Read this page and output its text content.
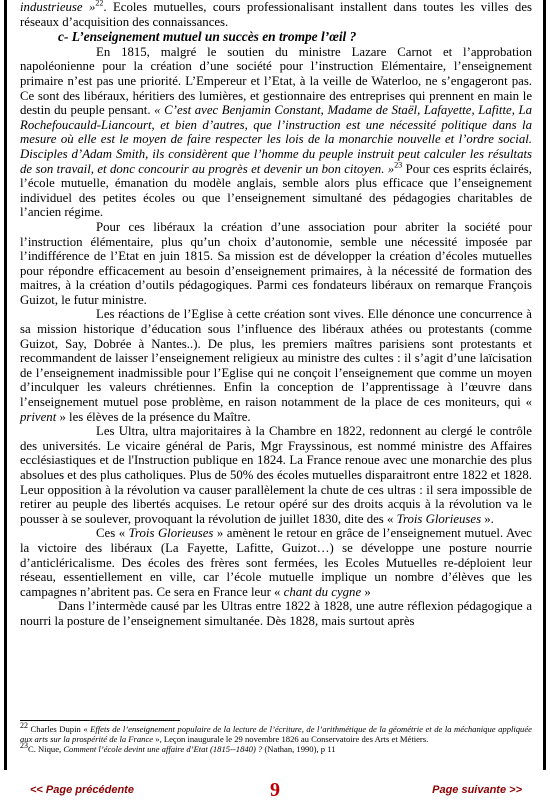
industrieuse »$^{22}$. Ecoles mutuelles, cours professionalisant installent dans toutes les villes des réseaux d’acquisition des connaissances.

c- L’enseignement mutuel un succès en trompe l’œil ?

En 1815, malgré le soutien du ministre Lazare Carnot et l’approbation napoléonienne pour la création d’une société pour l’instruction Elémentaire, l’enseignement primaire n’est pas une priorité. L’Empereur et l’Etat, à la veille de Waterloo, ne s’engageront pas. Ce sont des libéraux, héritiers des lumières, et gestionnaire des entreprises qui prennent en main le destin du peuple pensant. « C’est avec Benjamin Constant, Madame de Staël, Lafayette, Lafitte, La Rochefoucauld-Liancourt, et bien d’autres, que l’instruction est une nécessité politique dans la mesure où elle est le moyen de faire respecter les lois de la monarchie nouvelle et l’ordre social. Disciples d’Adam Smith, ils considèrent que l’homme du peuple instruit peut calculer les résultats de son travail, et donc concourir au progrès et devenir un bon citoyen. »$^{23}$ Pour ces esprits éclairés, l’école mutuelle, émanation du modèle anglais, semble alors plus efficace que l’enseignement individuel des petites écoles ou que l’enseignement simultané des pédagogies charitables de l’ancien régime.

Pour ces libéraux la création d’une association pour abriter la société pour l’instruction élémentaire, plus qu’un choix d’autonomie, semble une nécessité imposée par l’indifférence de l’Etat en juin 1815. Sa mission est de développer la création d’écoles mutuelles pour répondre efficacement au besoin d’enseignement primaires, à la nécessité de formation des maitres, à la création d’outils pédagogiques. Parmi ces fondateurs libéraux on remarque François Guizot, le futur ministre.

Les réactions de l’Eglise à cette création sont vives. Elle dénonce une concurrence à sa mission historique d’éducation sous l’influence des libéraux athées ou protestants (comme Guizot, Say, Dobrée à Nantes..). De plus, les premiers maîtres parisiens sont protestants et recommandent de laisser l’enseignement religieux au ministre des cultes : il s’agit d’une laïcisation de l’enseignement inadmissible pour l’Eglise qui ne conçoit l’enseignement que comme un moyen d’inculquer les valeurs chrétiennes. Enfin la conception de l’apprentissage à l’œuvre dans l’enseignement mutuel pose problème, en raison notamment de la place de ces moniteurs, qui « privent » les élèves de la présence du Maître.

Les Ultra, ultra majoritaires à la Chambre en 1822, redonnent au clergé le contrôle des universités. Le vicaire général de Paris, Mgr Frayssinous, est nommé ministre des Affaires ecclésiastiques et de l'Instruction publique en 1824. La France renoue avec une monarchie des plus absolues et des plus catholiques. Plus de 50% des écoles mutuelles disparaitront entre 1822 et 1828. Leur opposition à la révolution va causer parallèlement la chute de ces ultras : il sera impossible de retirer au peuple des libertés acquises. Le retour opéré sur des droits acquis à la révolution va le pousser à se soulever, provoquant la révolution de juillet 1830, dite des « Trois Glorieuses ».

Ces « Trois Glorieuses » amènent le retour en grâce de l’enseignement mutuel. Avec la victoire des libéraux (La Fayette, Lafitte, Guizot…) se développe une posture nourrie d’anticléricalisme. Des écoles des frères sont fermées, les Ecoles Mutuelles re-déploient leur réseau, essentiellement en ville, car l’école mutuelle implique un nombre d’élèves que les campagnes n’abritent pas. Ce sera en France leur « chant du cygne »

Dans l’intermède causé par les Ultras entre 1822 à 1828, une autre réflexion pédagogique a nourri la posture de l’enseignement simultanée. Dès 1828, mais surtout après

22 Charles Dupin « Effets de l’enseignement populaire de la lecture de l’écriture, de l’arithmétique de la géométrie et de la méchanique appliquée aux arts sur la prospérité de la France », Leçon inaugurale le 29 novembre 1826 au Conservatoire des Arts et Métiers.

23C. Nique, Comment l’école devint une affaire d’Etat (1815--1840) ? (Nathan, 1990), p 11

<< Page précédente	9	Page suivante >>
